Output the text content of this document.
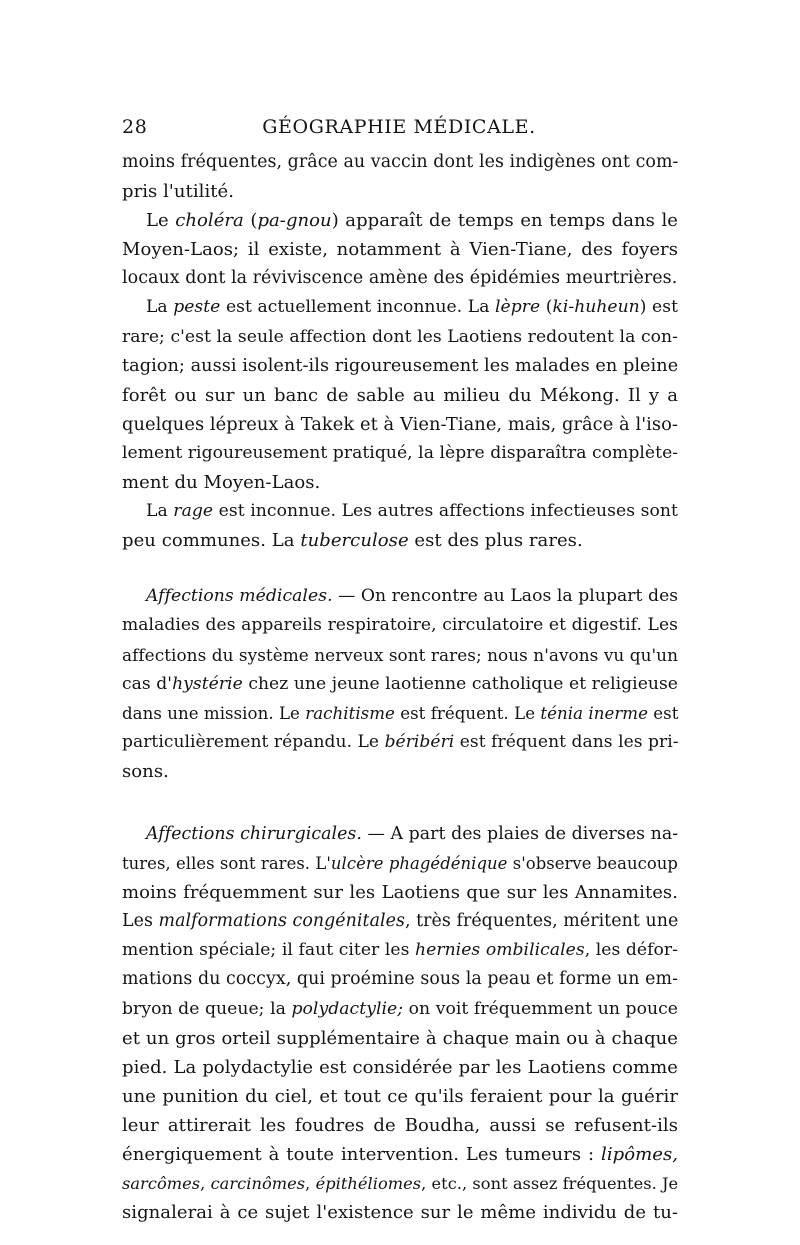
28	GÉOGRAPHIE MÉDICALE.
moins fréquentes, grâce au vaccin dont les indigènes ont com-
pris l'utilité.
Le choléra (pa-gnou) apparaît de temps en temps dans le
Moyen-Laos; il existe, notamment à Vien-Tiane, des foyers
locaux dont la réviviscence amène des épidémies meurtrières.
La peste est actuellement inconnue. La lèpre (ki-huheun) est
rare; c'est la seule affection dont les Laotiens redoutent la con-
tagion; aussi isolent-ils rigoureusement les malades en pleine
forêt ou sur un banc de sable au milieu du Mékong. Il y a
quelques lépreux à Takek et à Vien-Tiane, mais, grâce à l'iso-
lement rigoureusement pratiqué, la lèpre disparaîtra complète-
ment du Moyen-Laos.
La rage est inconnue. Les autres affections infectieuses sont
peu communes. La tuberculose est des plus rares.
Affections médicales. — On rencontre au Laos la plupart des
maladies des appareils respiratoire, circulatoire et digestif. Les
affections du système nerveux sont rares; nous n'avons vu qu'un
cas d'hystérie chez une jeune laotienne catholique et religieuse
dans une mission. Le rachitisme est fréquent. Le ténia inerme est
particulièrement répandu. Le béribéri est fréquent dans les pri-
sons.
Affections chirurgicales. — A part des plaies de diverses na-
tures, elles sont rares. L'ulcère phagédénique s'observe beaucoup
moins fréquemment sur les Laotiens que sur les Annamites.
Les malformations congénitales, très fréquentes, méritent une
mention spéciale; il faut citer les hernies ombilicales, les défor-
mations du coccyx, qui proémine sous la peau et forme un em-
bryon de queue; la polydactylie; on voit fréquemment un pouce
et un gros orteil supplémentaire à chaque main ou à chaque
pied. La polydactylie est considérée par les Laotiens comme
une punition du ciel, et tout ce qu'ils feraient pour la guérir
leur attirerait les foudres de Boudha, aussi se refusent-ils
énergiquement à toute intervention. Les tumeurs : lipômes,
sarcômes, carcinômes, épithéliomes, etc., sont assez fréquentes. Je
signalerai à ce sujet l'existence sur le même individu de tu-
